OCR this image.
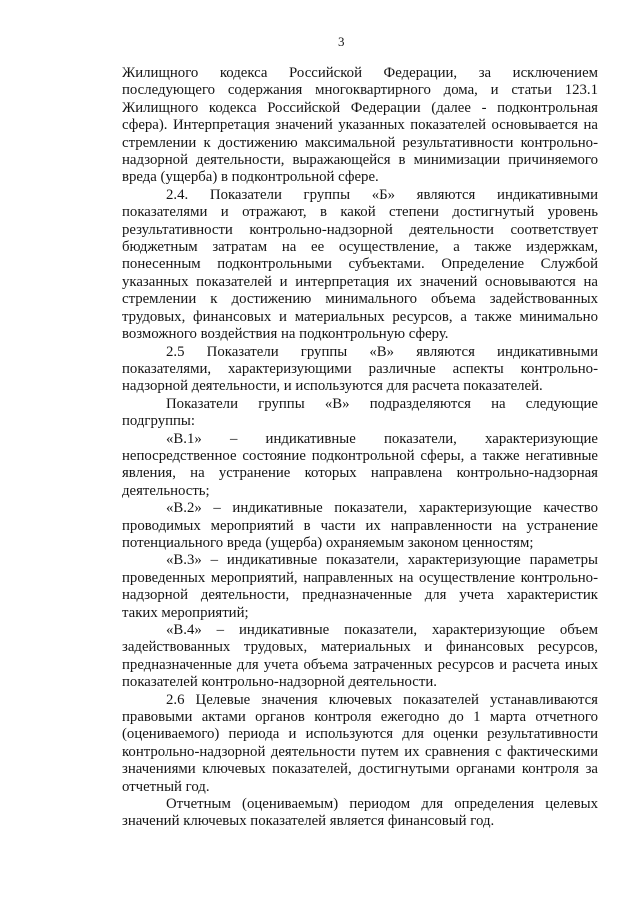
3
Жилищного кодекса Российской Федерации, за исключением
последующего содержания многоквартирного дома, и статьи 123.1
Жилищного кодекса Российской Федерации (далее - подконтрольная
сфера). Интерпретация значений указанных показателей основывается на
стремлении к достижению максимальной результативности контрольно-
надзорной деятельности, выражающейся в минимизации причиняемого
вреда (ущерба) в подконтрольной сфере.
2.4. Показатели группы «Б» являются индикативными
показателями и отражают, в какой степени достигнутый уровень
результативности контрольно-надзорной деятельности соответствует
бюджетным затратам на ее осуществление, а также издержкам,
понесенным подконтрольными субъектами. Определение Службой
указанных показателей и интерпретация их значений основываются на
стремлении к достижению минимального объема задействованных
трудовых, финансовых и материальных ресурсов, а также минимально
возможного воздействия на подконтрольную сферу.
2.5 Показатели группы «В» являются индикативными
показателями, характеризующими различные аспекты контрольно-
надзорной деятельности, и используются для расчета показателей.
Показатели группы «В» подразделяются на следующие
подгруппы:
«В.1» – индикативные показатели, характеризующие
непосредственное состояние подконтрольной сферы, а также негативные
явления, на устранение которых направлена контрольно-надзорная
деятельность;
«В.2» – индикативные показатели, характеризующие качество
проводимых мероприятий в части их направленности на устранение
потенциального вреда (ущерба) охраняемым законом ценностям;
«В.3» – индикативные показатели, характеризующие параметры
проведенных мероприятий, направленных на осуществление контрольно-
надзорной деятельности, предназначенные для учета характеристик
таких мероприятий;
«В.4» – индикативные показатели, характеризующие объем
задействованных трудовых, материальных и финансовых ресурсов,
предназначенные для учета объема затраченных ресурсов и расчета иных
показателей контрольно-надзорной деятельности.
2.6 Целевые значения ключевых показателей устанавливаются
правовыми актами органов контроля ежегодно до 1 марта отчетного
(оцениваемого) периода и используются для оценки результативности
контрольно-надзорной деятельности путем их сравнения с фактическими
значениями ключевых показателей, достигнутыми органами контроля за
отчетный год.
Отчетным (оцениваемым) периодом для определения целевых
значений ключевых показателей является финансовый год.
